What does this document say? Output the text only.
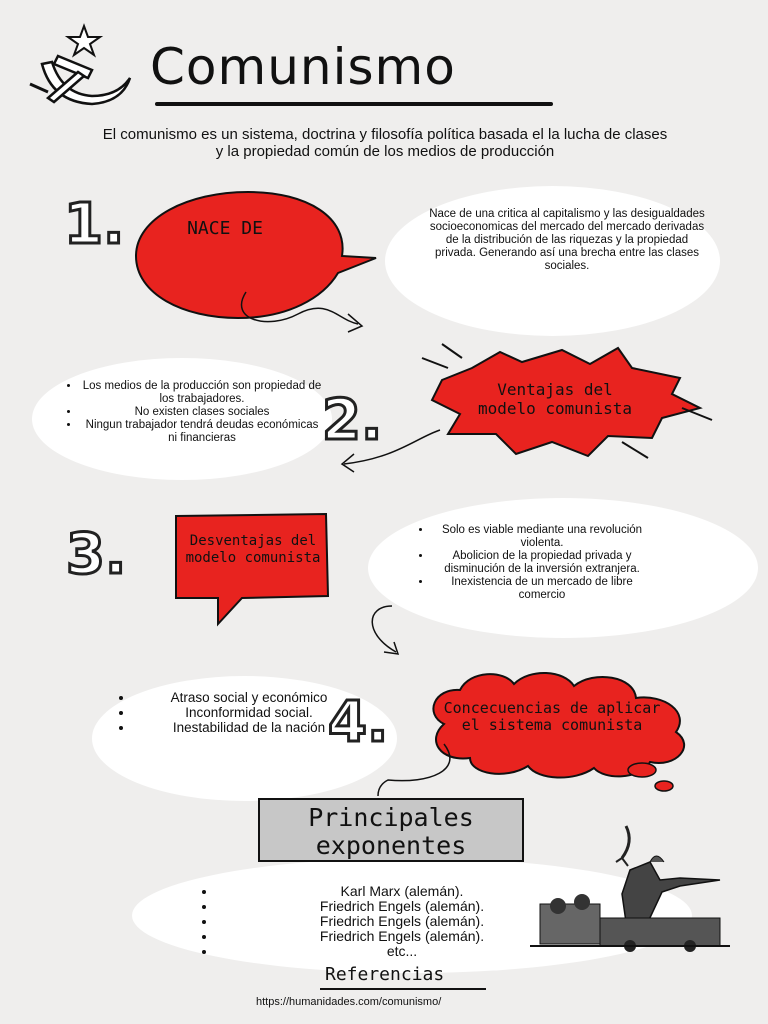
Comunismo
El comunismo es un sistema, doctrina y filosofía política basada el la lucha de clases y la propiedad común de los medios de producción
1.	NACE DE
Nace de una critica al capitalismo y las desigualdades socioeconomicas del mercado del mercado derivadas de la distribución de las riquezas y la propiedad privada. Generando así una brecha entre las clases sociales.
• Los medios de la producción son propiedad de los trabajadores.
• No existen clases sociales
• Ningun trabajador tendrá deudas económicas ni financieras	2.	Ventajas del modelo comunista
3.	Desventajas del modelo comunista
• Solo es viable mediante una revolución violenta.
• Abolicion de la propiedad privada y disminución de la inversión extranjera.
• Inexistencia de un mercado de libre comercio
• Atraso social y económico
• Inconformidad social.
• Inestabilidad de la nación 4.	Concecuencias de aplicar el sistema comunista
Principales exponentes
• Karl Marx (alemán).
• Friedrich Engels (alemán).
• Friedrich Engels (alemán).
• Friedrich Engels (alemán).
• etc...
Referencias
https://humanidades.com/comunismo/
